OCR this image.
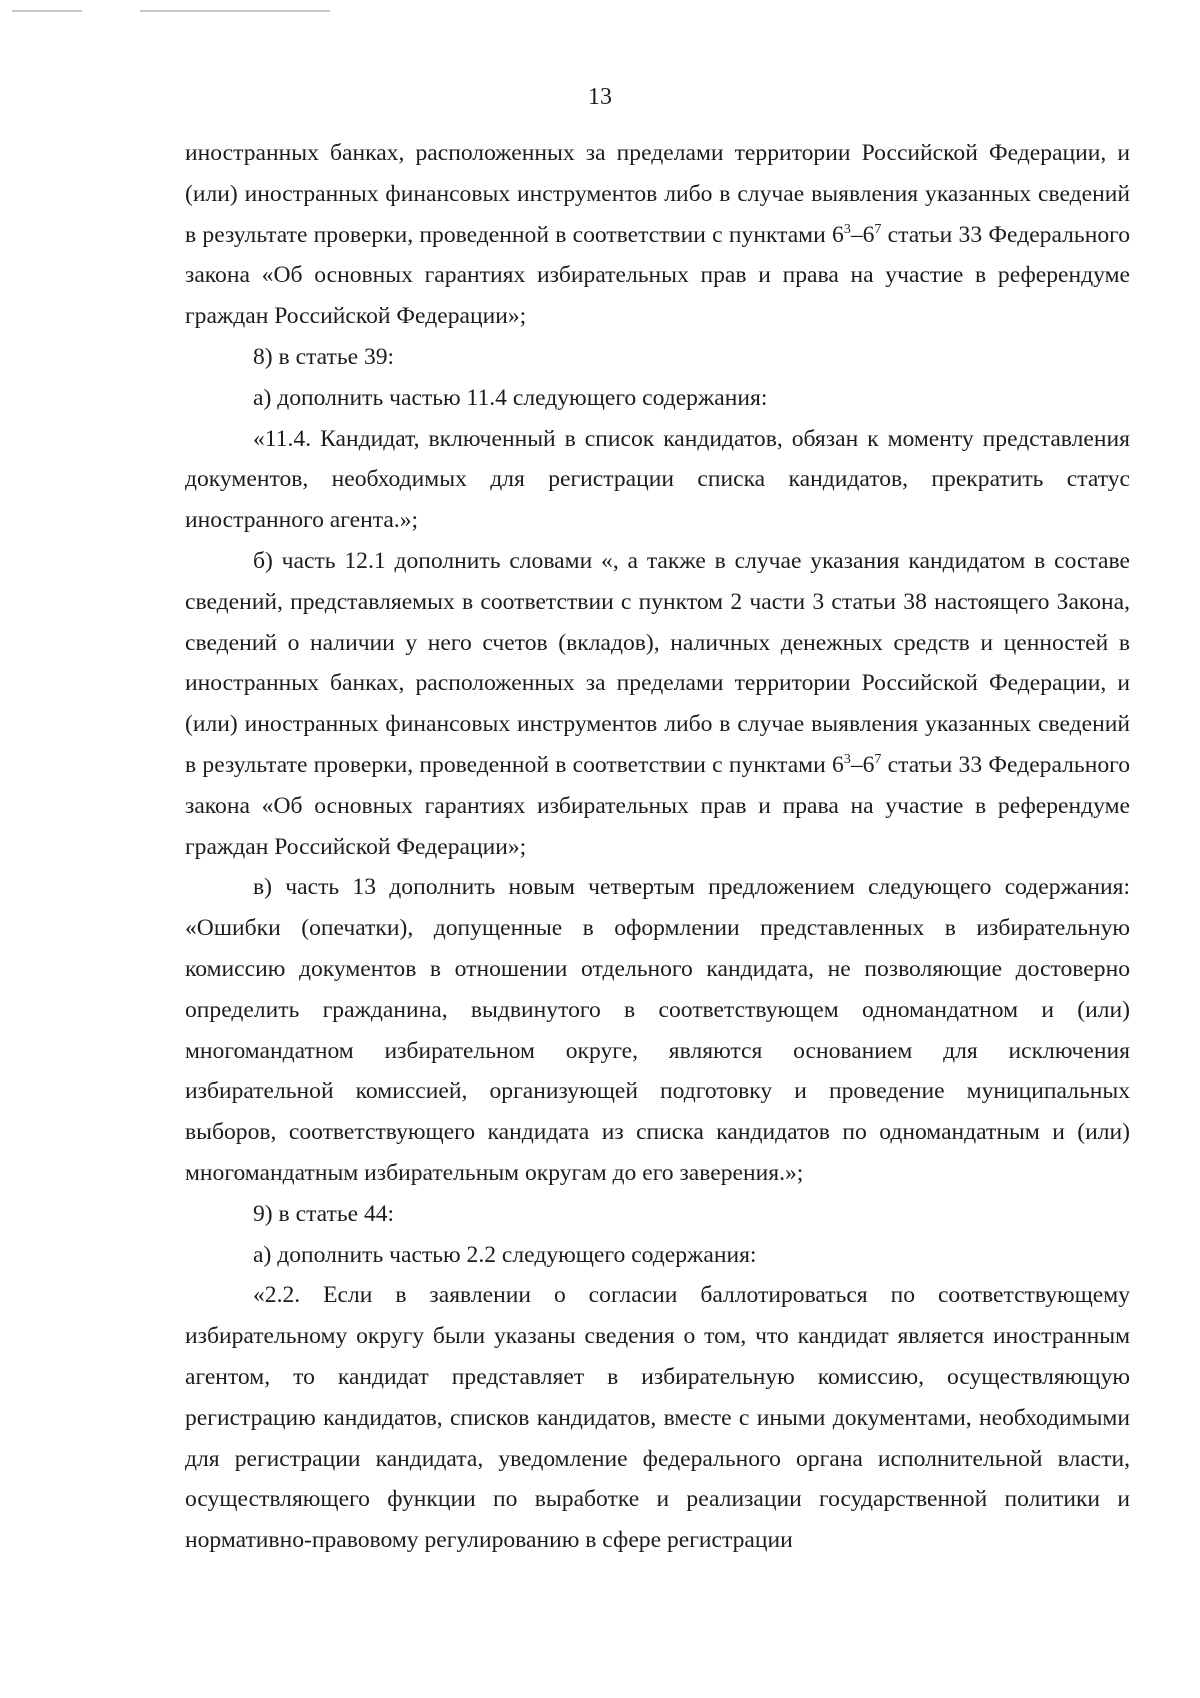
13

иностранных банках, расположенных за пределами территории Российской Федерации, и (или) иностранных финансовых инструментов либо в случае выявления указанных сведений в результате проверки, проведенной в соответствии с пунктами $6^3-6^7$ статьи 33 Федерального закона «Об основных гарантиях избирательных прав и права на участие в референдуме граждан Российской Федерации»;

8) в статье 39:

а) дополнить частью 11.4 следующего содержания:

«11.4. Кандидат, включенный в список кандидатов, обязан к моменту представления документов, необходимых для регистрации списка кандидатов, прекратить статус иностранного агента.»;

б) часть 12.1 дополнить словами «, а также в случае указания кандидатом в составе сведений, представляемых в соответствии с пунктом 2 части 3 статьи 38 настоящего Закона, сведений о наличии у него счетов (вкладов), наличных денежных средств и ценностей в иностранных банках, расположенных за пределами территории Российской Федерации, и (или) иностранных финансовых инструментов либо в случае выявления указанных сведений в результате проверки, проведенной в соответствии с пунктами $6^3-6^7$ статьи 33 Федерального закона «Об основных гарантиях избирательных прав и права на участие в референдуме граждан Российской Федерации»;

в) часть 13 дополнить новым четвертым предложением следующего содержания: «Ошибки (опечатки), допущенные в оформлении представленных в избирательную комиссию документов в отношении отдельного кандидата, не позволяющие достоверно определить гражданина, выдвинутого в соответствующем одномандатном и (или) многомандатном избирательном округе, являются основанием для исключения избирательной комиссией, организующей подготовку и проведение муниципальных выборов, соответствующего кандидата из списка кандидатов по одномандатным и (или) многомандатным избирательным округам до его заверения.»;

9) в статье 44:

а) дополнить частью 2.2 следующего содержания:

«2.2. Если в заявлении о согласии баллотироваться по соответствующему избирательному округу были указаны сведения о том, что кандидат является иностранным агентом, то кандидат представляет в избирательную комиссию, осуществляющую регистрацию кандидатов, списков кандидатов, вместе с иными документами, необходимыми для регистрации кандидата, уведомление федерального органа исполнительной власти, осуществляющего функции по выработке и реализации государственной политики и нормативно-правовому регулированию в сфере регистрации
